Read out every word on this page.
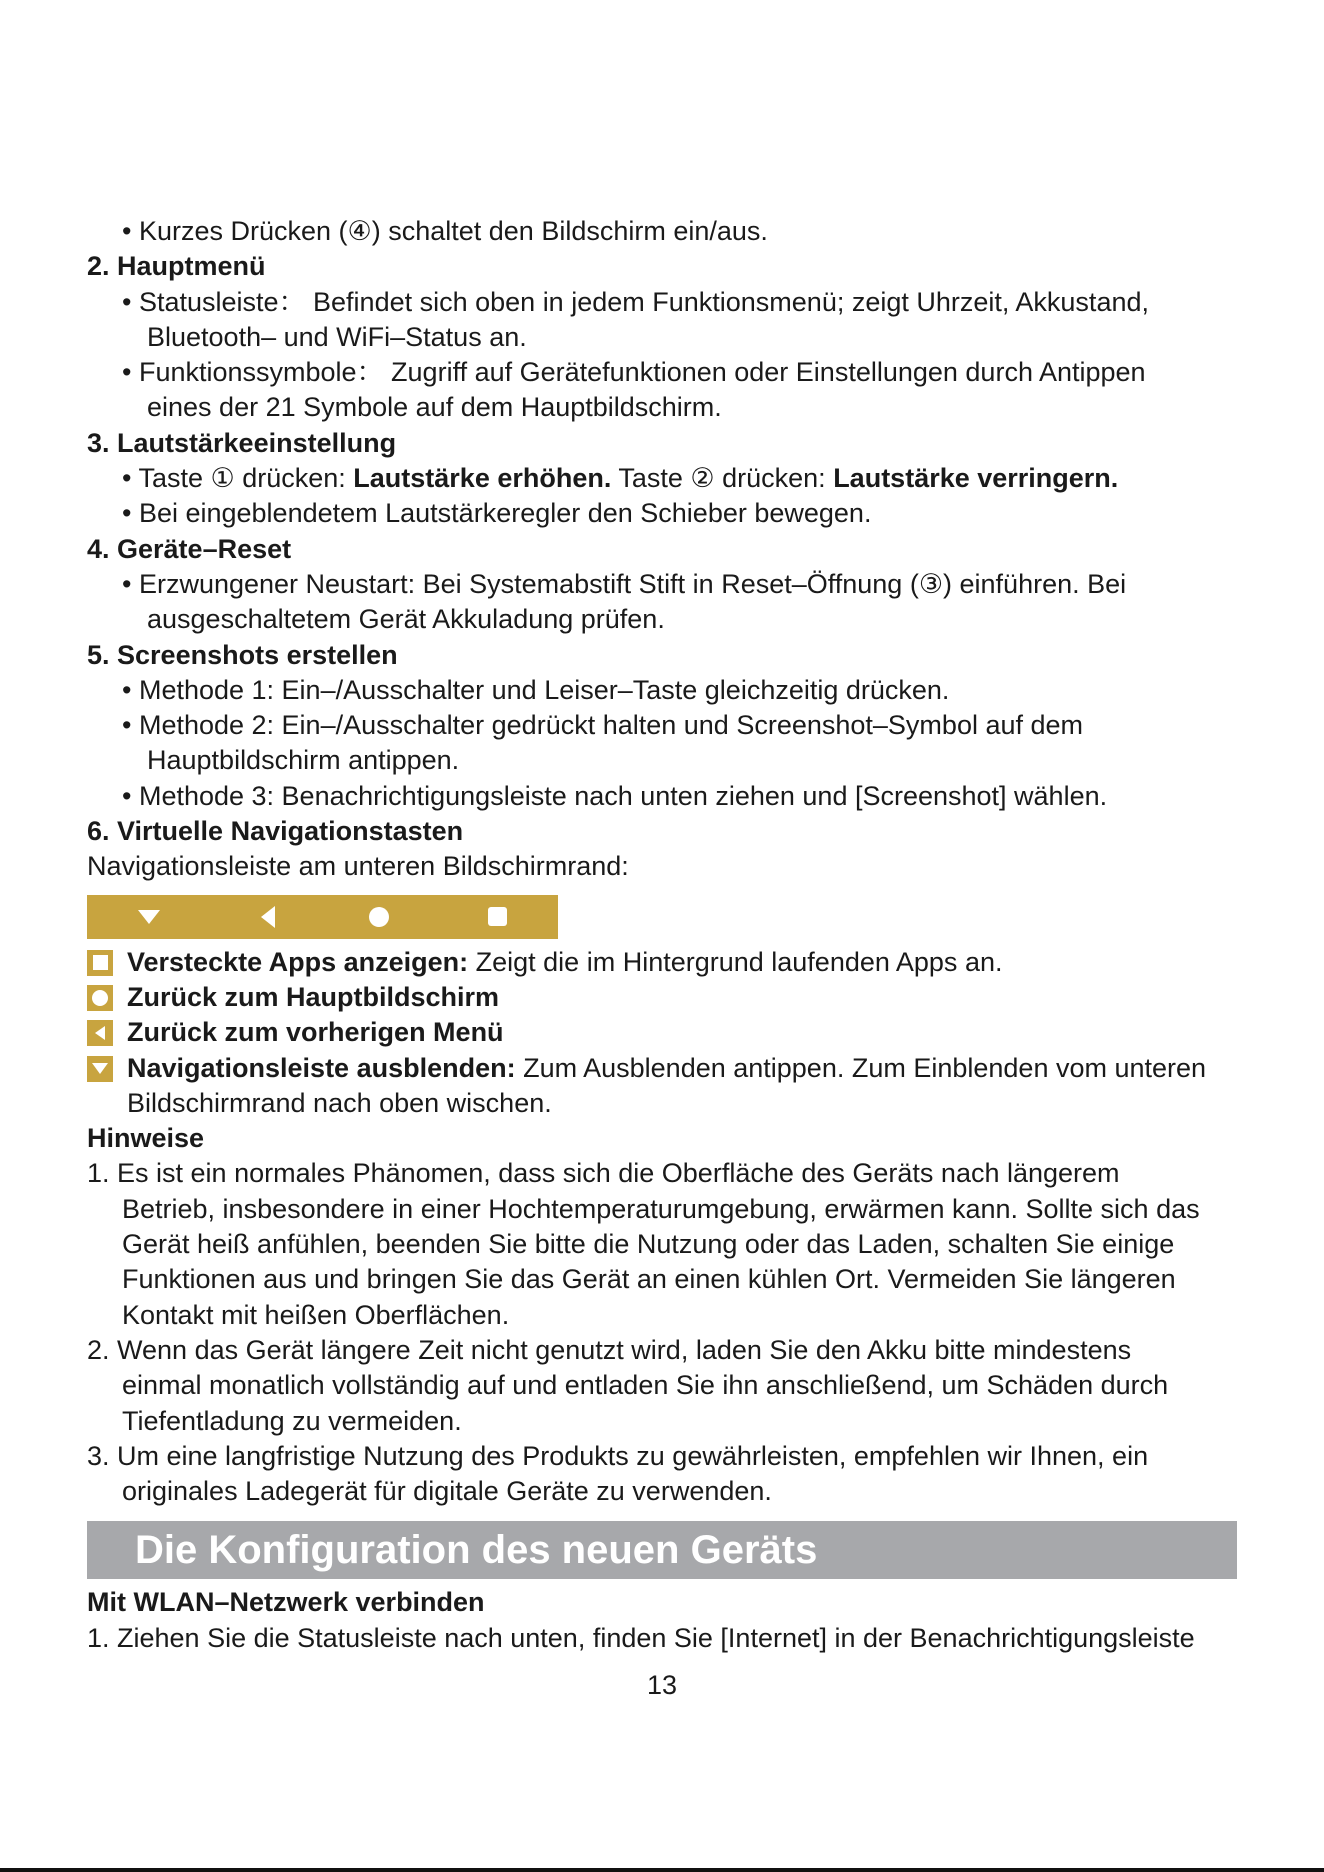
• Kurzes Drücken (④) schaltet den Bildschirm ein/aus.
2. Hauptmenü
• Statusleiste： Befindet sich oben in jedem Funktionsmenü; zeigt Uhrzeit, Akkustand,
Bluetooth– und WiFi–Status an.
• Funktionssymbole： Zugriff auf Gerätefunktionen oder Einstellungen durch Antippen
eines der 21 Symbole auf dem Hauptbildschirm.
3. Lautstärkeeinstellung
• Taste ① drücken: Lautstärke erhöhen. Taste ② drücken: Lautstärke verringern.
• Bei eingeblendetem Lautstärkeregler den Schieber bewegen.
4. Geräte–Reset
• Erzwungener Neustart: Bei Systemabstift Stift in Reset–Öffnung (③) einführen. Bei
ausgeschaltetem Gerät Akkuladung prüfen.
5. Screenshots erstellen
• Methode 1: Ein–/Ausschalter und Leiser–Taste gleichzeitig drücken.
• Methode 2: Ein–/Ausschalter gedrückt halten und Screenshot–Symbol auf dem
Hauptbildschirm antippen.
• Methode 3: Benachrichtigungsleiste nach unten ziehen und [Screenshot] wählen.
6. Virtuelle Navigationstasten
Navigationsleiste am unteren Bildschirmrand:
Versteckte Apps anzeigen: Zeigt die im Hintergrund laufenden Apps an.
Zurück zum Hauptbildschirm
Zurück zum vorherigen Menü
Navigationsleiste ausblenden: Zum Ausblenden antippen. Zum Einblenden vom unteren
Bildschirmrand nach oben wischen.
Hinweise
1. Es ist ein normales Phänomen, dass sich die Oberfläche des Geräts nach längerem
Betrieb, insbesondere in einer Hochtemperaturumgebung, erwärmen kann. Sollte sich das
Gerät heiß anfühlen, beenden Sie bitte die Nutzung oder das Laden, schalten Sie einige
Funktionen aus und bringen Sie das Gerät an einen kühlen Ort. Vermeiden Sie längeren
Kontakt mit heißen Oberflächen.
2. Wenn das Gerät längere Zeit nicht genutzt wird, laden Sie den Akku bitte mindestens
einmal monatlich vollständig auf und entladen Sie ihn anschließend, um Schäden durch
Tiefentladung zu vermeiden.
3. Um eine langfristige Nutzung des Produkts zu gewährleisten, empfehlen wir Ihnen, ein
originales Ladegerät für digitale Geräte zu verwenden.
Die Konfiguration des neuen Geräts
Mit WLAN–Netzwerk verbinden
1. Ziehen Sie die Statusleiste nach unten, finden Sie [Internet] in der Benachrichtigungsleiste
13
